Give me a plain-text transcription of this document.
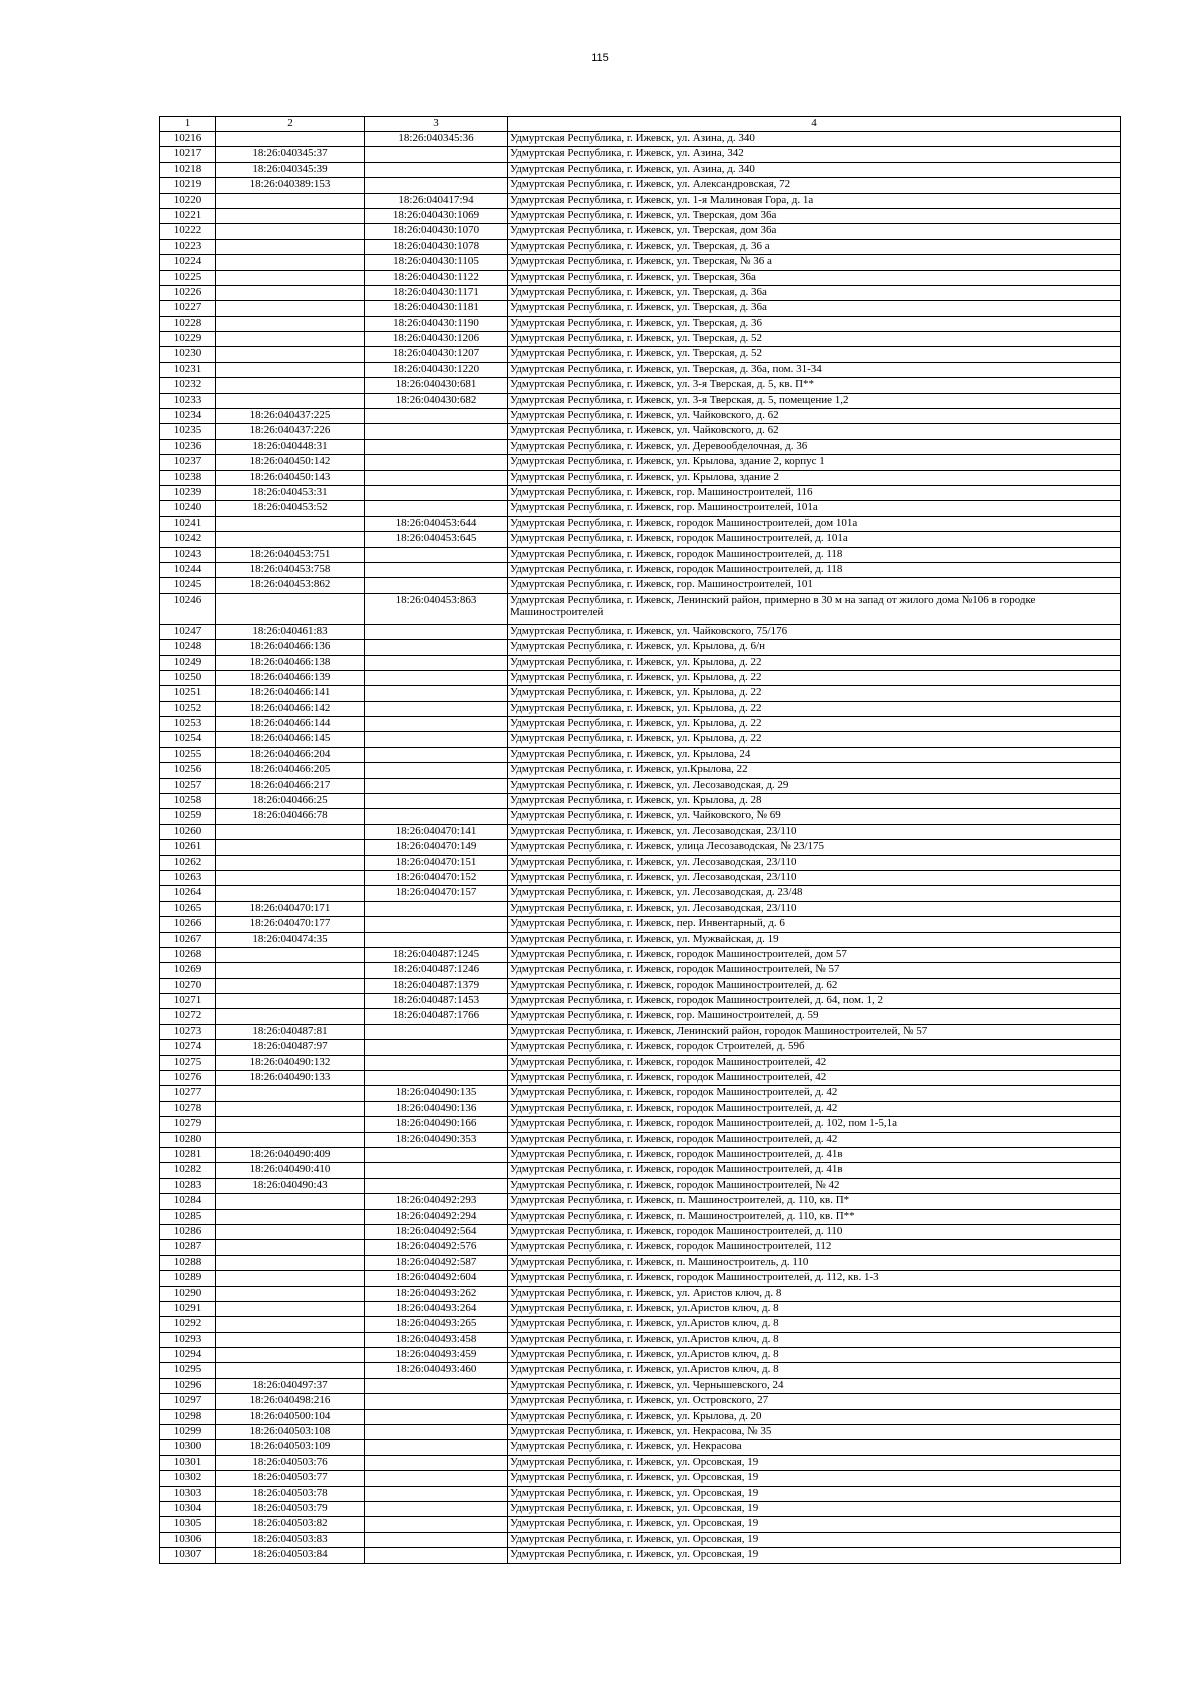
115
1	2	3	4
10216		18:26:040345:36	Удмуртская Республика, г. Ижевск, ул. Азина, д. 340
10217	18:26:040345:37		Удмуртская Республика, г. Ижевск, ул. Азина, 342
10218	18:26:040345:39		Удмуртская Республика, г. Ижевск, ул. Азина, д. 340
10219	18:26:040389:153		Удмуртская Республика, г. Ижевск, ул. Александровская, 72
10220		18:26:040417:94	Удмуртская Республика, г. Ижевск, ул. 1-я Малиновая Гора, д. 1а
10221		18:26:040430:1069	Удмуртская Республика, г. Ижевск, ул. Тверская, дом 36а
10222		18:26:040430:1070	Удмуртская Республика, г. Ижевск, ул. Тверская, дом 36а
10223		18:26:040430:1078	Удмуртская Республика, г. Ижевск, ул. Тверская, д. 36 а
10224		18:26:040430:1105	Удмуртская Республика, г. Ижевск, ул. Тверская, № 36 а
10225		18:26:040430:1122	Удмуртская Республика, г. Ижевск, ул. Тверская, 36а
10226		18:26:040430:1171	Удмуртская Республика, г. Ижевск, ул. Тверская, д. 36а
10227		18:26:040430:1181	Удмуртская Республика, г. Ижевск, ул. Тверская, д. 36а
10228		18:26:040430:1190	Удмуртская Республика, г. Ижевск, ул. Тверская, д. 36
10229		18:26:040430:1206	Удмуртская Республика, г. Ижевск, ул. Тверская, д. 52
10230		18:26:040430:1207	Удмуртская Республика, г. Ижевск, ул. Тверская, д. 52
10231		18:26:040430:1220	Удмуртская Республика, г. Ижевск, ул. Тверская, д. 36а, пом. 31-34
10232		18:26:040430:681	Удмуртская Республика, г. Ижевск, ул. 3-я Тверская, д. 5, кв. П**
10233		18:26:040430:682	Удмуртская Республика, г. Ижевск, ул. 3-я Тверская, д. 5, помещение 1,2
10234	18:26:040437:225		Удмуртская Республика, г. Ижевск, ул. Чайковского, д. 62
10235	18:26:040437:226		Удмуртская Республика, г. Ижевск, ул. Чайковского, д. 62
10236	18:26:040448:31		Удмуртская Республика, г. Ижевск, ул. Деревообделочная, д. 36
10237	18:26:040450:142		Удмуртская Республика, г. Ижевск, ул. Крылова, здание 2, корпус 1
10238	18:26:040450:143		Удмуртская Республика, г. Ижевск, ул. Крылова, здание 2
10239	18:26:040453:31		Удмуртская Республика, г. Ижевск, гор. Машиностроителей, 116
10240	18:26:040453:52		Удмуртская Республика, г. Ижевск, гор. Машиностроителей, 101а
10241		18:26:040453:644	Удмуртская Республика, г. Ижевск, городок Машиностроителей, дом 101а
10242		18:26:040453:645	Удмуртская Республика, г. Ижевск, городок Машиностроителей, д. 101а
10243	18:26:040453:751		Удмуртская Республика, г. Ижевск, городок Машиностроителей, д. 118
10244	18:26:040453:758		Удмуртская Республика, г. Ижевск, городок Машиностроителей, д. 118
10245	18:26:040453:862		Удмуртская Республика, г. Ижевск, гор. Машиностроителей, 101
10246		18:26:040453:863	Удмуртская Республика, г. Ижевск, Ленинский район, примерно в 30 м на запад от жилого дома №106 в городке Машиностроителей
10247	18:26:040461:83		Удмуртская Республика, г. Ижевск, ул. Чайковского, 75/176
10248	18:26:040466:136		Удмуртская Республика, г. Ижевск, ул. Крылова, д. 6/н
10249	18:26:040466:138		Удмуртская Республика, г. Ижевск, ул. Крылова, д. 22
10250	18:26:040466:139		Удмуртская Республика, г. Ижевск, ул. Крылова, д. 22
10251	18:26:040466:141		Удмуртская Республика, г. Ижевск, ул. Крылова, д. 22
10252	18:26:040466:142		Удмуртская Республика, г. Ижевск, ул. Крылова, д. 22
10253	18:26:040466:144		Удмуртская Республика, г. Ижевск, ул. Крылова, д. 22
10254	18:26:040466:145		Удмуртская Республика, г. Ижевск, ул. Крылова, д. 22
10255	18:26:040466:204		Удмуртская Республика, г. Ижевск, ул. Крылова, 24
10256	18:26:040466:205		Удмуртская Республика, г. Ижевск, ул.Крылова, 22
10257	18:26:040466:217		Удмуртская Республика, г. Ижевск, ул. Лесозаводская, д. 29
10258	18:26:040466:25		Удмуртская Республика, г. Ижевск, ул. Крылова, д. 28
10259	18:26:040466:78		Удмуртская Республика, г. Ижевск, ул. Чайковского, № 69
10260		18:26:040470:141	Удмуртская Республика, г. Ижевск, ул. Лесозаводская, 23/110
10261		18:26:040470:149	Удмуртская Республика, г. Ижевск, улица Лесозаводская, № 23/175
10262		18:26:040470:151	Удмуртская Республика, г. Ижевск, ул. Лесозаводская, 23/110
10263		18:26:040470:152	Удмуртская Республика, г. Ижевск, ул. Лесозаводская, 23/110
10264		18:26:040470:157	Удмуртская Республика, г. Ижевск, ул. Лесозаводская, д. 23/48
10265	18:26:040470:171		Удмуртская Республика, г. Ижевск, ул. Лесозаводская, 23/110
10266	18:26:040470:177		Удмуртская Республика, г. Ижевск, пер. Инвентарный, д. 6
10267	18:26:040474:35		Удмуртская Республика, г. Ижевск, ул. Мужвайская, д. 19
10268		18:26:040487:1245	Удмуртская Республика, г. Ижевск, городок Машиностроителей, дом 57
10269		18:26:040487:1246	Удмуртская Республика, г. Ижевск, городок Машиностроителей, № 57
10270		18:26:040487:1379	Удмуртская Республика, г. Ижевск, городок Машиностроителей, д. 62
10271		18:26:040487:1453	Удмуртская Республика, г. Ижевск, городок Машиностроителей, д. 64, пом. 1, 2
10272		18:26:040487:1766	Удмуртская Республика, г. Ижевск, гор. Машиностроителей, д. 59
10273	18:26:040487:81		Удмуртская Республика, г. Ижевск, Ленинский район, городок Машиностроителей, № 57
10274	18:26:040487:97		Удмуртская Республика, г. Ижевск, городок Строителей, д. 59б
10275	18:26:040490:132		Удмуртская Республика, г. Ижевск, городок Машиностроителей, 42
10276	18:26:040490:133		Удмуртская Республика, г. Ижевск, городок Машиностроителей, 42
10277		18:26:040490:135	Удмуртская Республика, г. Ижевск, городок Машиностроителей, д. 42
10278		18:26:040490:136	Удмуртская Республика, г. Ижевск, городок Машиностроителей, д. 42
10279		18:26:040490:166	Удмуртская Республика, г. Ижевск, городок Машиностроителей, д. 102, пом 1-5,1а
10280		18:26:040490:353	Удмуртская Республика, г. Ижевск, городок Машиностроителей, д. 42
10281	18:26:040490:409		Удмуртская Республика, г. Ижевск, городок Машиностроителей, д. 41в
10282	18:26:040490:410		Удмуртская Республика, г. Ижевск, городок Машиностроителей, д. 41в
10283	18:26:040490:43		Удмуртская Республика, г. Ижевск, городок Машиностроителей, № 42
10284		18:26:040492:293	Удмуртская Республика, г. Ижевск, п. Машиностроителей, д. 110, кв. П*
10285		18:26:040492:294	Удмуртская Республика, г. Ижевск, п. Машиностроителей, д. 110, кв. П**
10286		18:26:040492:564	Удмуртская Республика, г. Ижевск, городок Машиностроителей, д. 110
10287		18:26:040492:576	Удмуртская Республика, г. Ижевск, городок Машиностроителей, 112
10288		18:26:040492:587	Удмуртская Республика, г. Ижевск, п. Машиностроитель, д. 110
10289		18:26:040492:604	Удмуртская Республика, г. Ижевск, городок Машиностроителей, д. 112, кв. 1-3
10290		18:26:040493:262	Удмуртская Республика, г. Ижевск, ул. Аристов ключ, д. 8
10291		18:26:040493:264	Удмуртская Республика, г. Ижевск, ул.Аристов ключ, д. 8
10292		18:26:040493:265	Удмуртская Республика, г. Ижевск, ул.Аристов ключ, д. 8
10293		18:26:040493:458	Удмуртская Республика, г. Ижевск, ул.Аристов ключ, д. 8
10294		18:26:040493:459	Удмуртская Республика, г. Ижевск, ул.Аристов ключ, д. 8
10295		18:26:040493:460	Удмуртская Республика, г. Ижевск, ул.Аристов ключ, д. 8
10296	18:26:040497:37		Удмуртская Республика, г. Ижевск, ул. Чернышевского, 24
10297	18:26:040498:216		Удмуртская Республика, г. Ижевск, ул. Островского, 27
10298	18:26:040500:104		Удмуртская Республика, г. Ижевск, ул. Крылова, д. 20
10299	18:26:040503:108		Удмуртская Республика, г. Ижевск, ул. Некрасова, № 35
10300	18:26:040503:109		Удмуртская Республика, г. Ижевск, ул. Некрасова
10301	18:26:040503:76		Удмуртская Республика, г. Ижевск, ул. Орсовская, 19
10302	18:26:040503:77		Удмуртская Республика, г. Ижевск, ул. Орсовская, 19
10303	18:26:040503:78		Удмуртская Республика, г. Ижевск, ул. Орсовская, 19
10304	18:26:040503:79		Удмуртская Республика, г. Ижевск, ул. Орсовская, 19
10305	18:26:040503:82		Удмуртская Республика, г. Ижевск, ул. Орсовская, 19
10306	18:26:040503:83		Удмуртская Республика, г. Ижевск, ул. Орсовская, 19
10307	18:26:040503:84		Удмуртская Республика, г. Ижевск, ул. Орсовская, 19
